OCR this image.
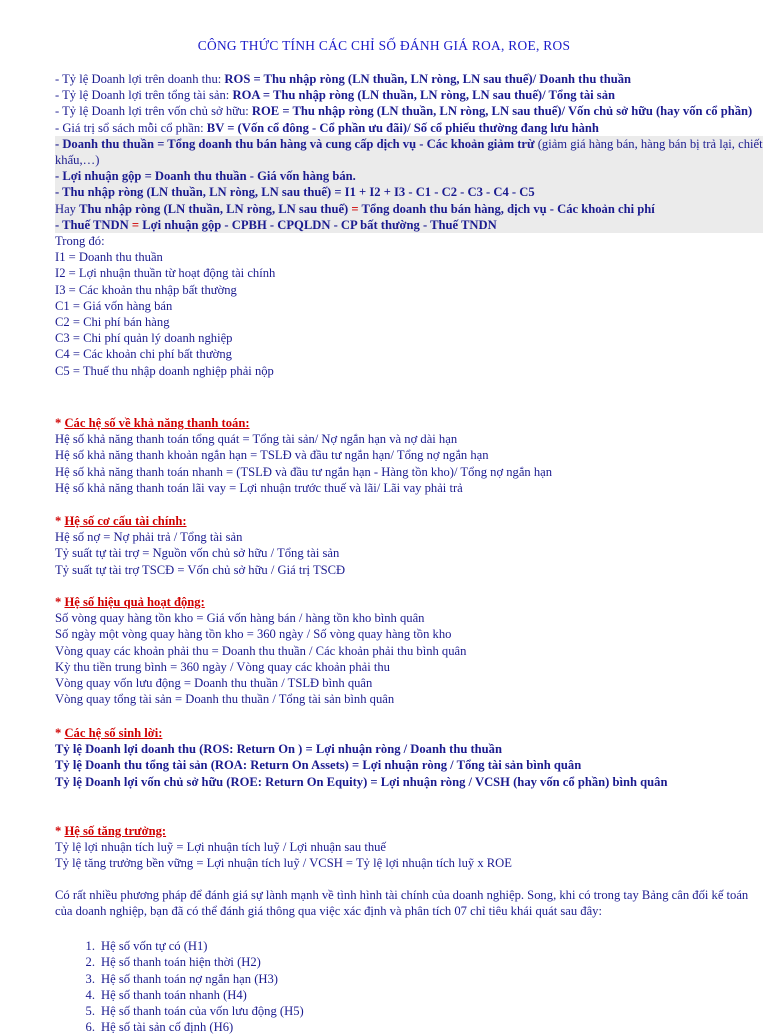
CÔNG THỨC TÍNH CÁC CHỈ SỐ ĐÁNH GIÁ ROA, ROE, ROS
- Tỷ lệ Doanh lợi trên doanh thu: ROS = Thu nhập ròng (LN thuần, LN ròng, LN sau thuế)/ Doanh thu thuần
- Tỷ lệ Doanh lợi trên tổng tài sản: ROA = Thu nhập ròng (LN thuần, LN ròng, LN sau thuế)/ Tổng tài sản
- Tỷ lệ Doanh lợi trên vốn chủ sở hữu: ROE = Thu nhập ròng (LN thuần, LN ròng, LN sau thuế)/ Vốn chủ sở hữu (hay vốn cổ phần)
- Giá trị sổ sách mỗi cổ phần: BV = (Vốn cổ đông - Cổ phần ưu đãi)/ Số cổ phiếu thường đang lưu hành
- Doanh thu thuần = Tổng doanh thu bán hàng và cung cấp dịch vụ - Các khoản giảm trừ (giảm giá hàng bán, hàng bán bị trả lại, chiết khấu,…)
- Lợi nhuận gộp = Doanh thu thuần - Giá vốn hàng bán.
- Thu nhập ròng (LN thuần, LN ròng, LN sau thuế) = I1 + I2 + I3 - C1 - C2 - C3 - C4 - C5
Hay Thu nhập ròng (LN thuần, LN ròng, LN sau thuế) = Tổng doanh thu bán hàng, dịch vụ - Các khoản chi phí
- Thuế TNDN = Lợi nhuận gộp - CPBH - CPQLDN - CP bất thường - Thuế TNDN
Trong đó:
I1 = Doanh thu thuần
I2 = Lợi nhuận thuần từ hoạt động tài chính
I3 = Các khoản thu nhập bất thường
C1 = Giá vốn hàng bán
C2 = Chi phí bán hàng
C3 = Chi phí quản lý doanh nghiệp
C4 = Các khoản chi phí bất thường
C5 = Thuế thu nhập doanh nghiệp phải nộp
* Các hệ số về khả năng thanh toán:
Hệ số khả năng thanh toán tổng quát = Tổng tài sản/ Nợ ngắn hạn và nợ dài hạn
Hệ số khả năng thanh khoản ngắn hạn = TSLĐ và đầu tư ngắn hạn/ Tổng nợ ngắn hạn
Hệ số khả năng thanh toán nhanh = (TSLĐ và đầu tư ngắn hạn - Hàng tồn kho)/ Tổng nợ ngắn hạn
Hệ số khả năng thanh toán lãi vay = Lợi nhuận trước thuế và lãi/ Lãi vay phải trả
* Hệ số cơ cấu tài chính:
Hệ số nợ = Nợ phải trả / Tổng tài sản
Tỷ suất tự tài trợ = Nguồn vốn chủ sở hữu / Tổng tài sản
Tỷ suất tự tài trợ TSCĐ = Vốn chủ sở hữu / Giá trị TSCĐ
* Hệ số hiệu quả hoạt động:
Số vòng quay hàng tồn kho = Giá vốn hàng bán / hàng tồn kho bình quân
Số ngày một vòng quay hàng tồn kho = 360 ngày / Số vòng quay hàng tồn kho
Vòng quay các khoản phải thu = Doanh thu thuần / Các khoản phải thu bình quân
Kỳ thu tiền trung bình = 360 ngày / Vòng quay các khoản phải thu
Vòng quay vốn lưu động = Doanh thu thuần / TSLĐ bình quân
Vòng quay tổng tài sản = Doanh thu thuần / Tổng tài sản bình quân
* Các hệ số sinh lời:
Tỷ lệ Doanh lợi doanh thu (ROS: Return On ) = Lợi nhuận ròng / Doanh thu thuần
Tỷ lệ Doanh thu tổng tài sản (ROA: Return On Assets) = Lợi nhuận ròng / Tổng tài sản bình quân
Tỷ lệ Doanh lợi vốn chủ sở hữu (ROE: Return On Equity) = Lợi nhuận ròng / VCSH (hay vốn cổ phần) bình quân
* Hệ số tăng trưởng:
Tỷ lệ lợi nhuận tích luỹ = Lợi nhuận tích luỹ / Lợi nhuận sau thuế
Tỷ lệ tăng trưởng bền vững = Lợi nhuận tích luỹ / VCSH = Tỷ lệ lợi nhuận tích luỹ x ROE
Có rất nhiều phương pháp để đánh giá sự lành mạnh về tình hình tài chính của doanh nghiệp. Song, khi có trong tay Bảng cân đối kế toán của doanh nghiệp, bạn đã có thể đánh giá thông qua việc xác định và phân tích 07 chỉ tiêu khái quát sau đây:
1. Hệ số vốn tự có (H1)
2. Hệ số thanh toán hiện thời (H2)
3. Hệ số thanh toán nợ ngắn hạn (H3)
4. Hệ số thanh toán nhanh (H4)
5. Hệ số thanh toán của vốn lưu động (H5)
6. Hệ số tài sản cố định (H6)
